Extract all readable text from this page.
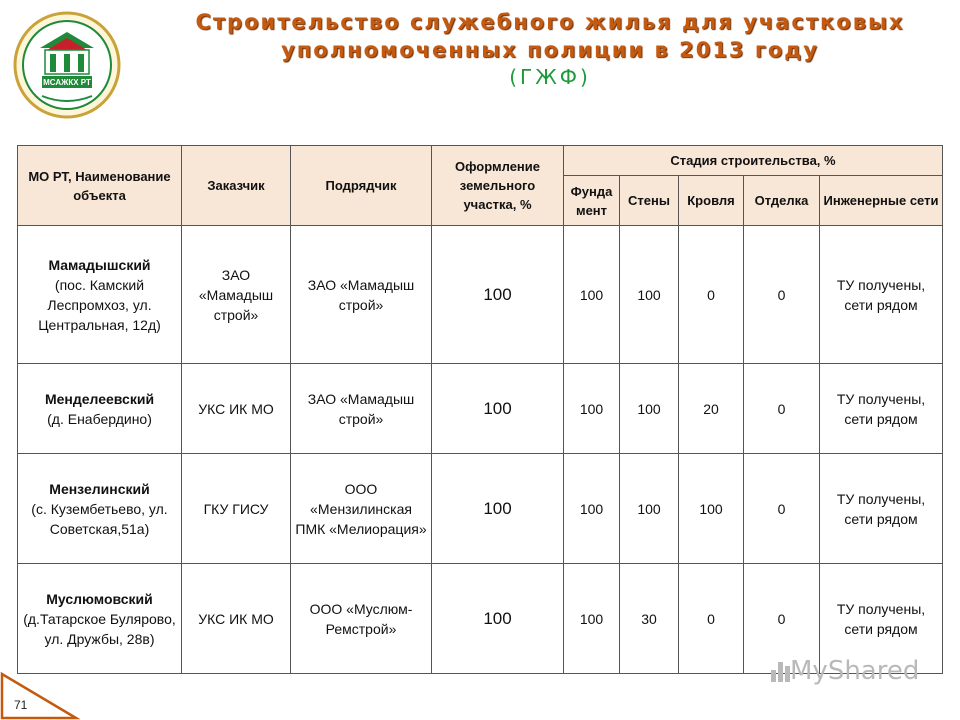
МСАЖКХ РТ
Строительство служебного жилья для участковых
уполномоченных полиции в 2013 году
(ГЖФ)
МО РТ, Наименование объекта	Заказчик	Подрядчик	Оформление земельного участка, %	Стадия строительства, %				
				Фунда мент	Стены	Кровля	Отделка	Инженерные сети

Мамадышский
(пос. Камский Леспромхоз, ул. Центральная, 12д)	ЗАО «Мамадыш строй»	ЗАО «Мамадыш строй»	100	100	100	0	0	ТУ получены, сети рядом

Менделеевский
(д. Енабердино)	УКС ИК МО	ЗАО «Мамадыш строй»	100	100	100	20	0	ТУ получены, сети рядом

Мензелинский
(с. Кузембетьево, ул. Советская,51а)	ГКУ ГИСУ	ООО «Мензилинская ПМК «Мелиорация»	100	100	100	100	0	ТУ получены, сети рядом

Муслюмовский
(д.Татарское Булярово, ул. Дружбы, 28в)	УКС ИК МО	ООО «Муслюм-Ремстрой»	100	100	30	0	0	ТУ получены, сети рядом
MyShared
71
